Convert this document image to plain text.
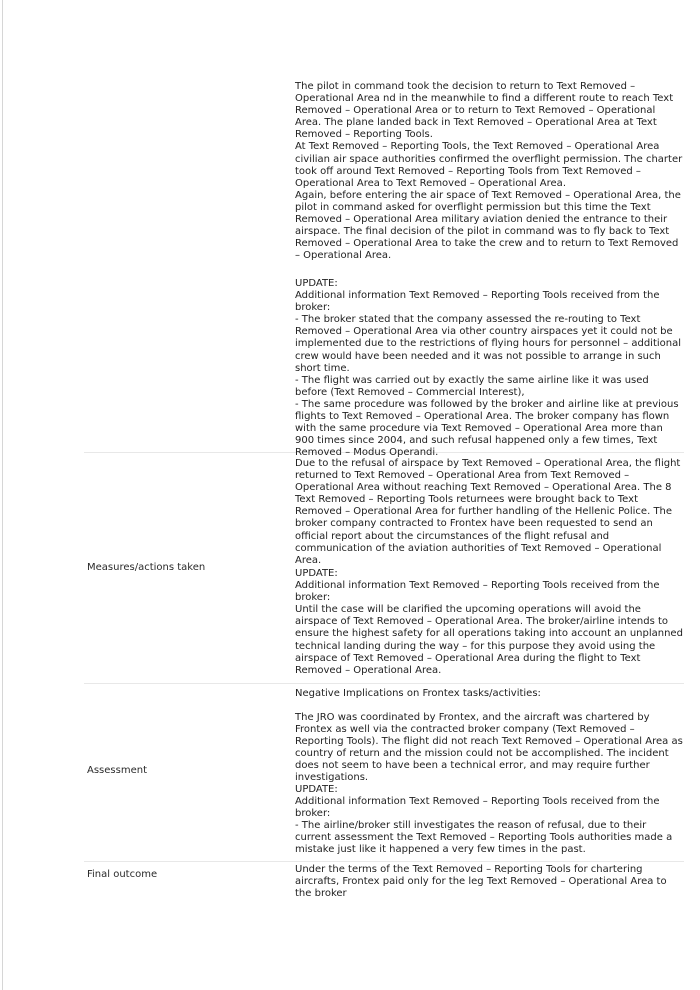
Measures/actions taken
Assessment
Final outcome

The pilot in command took the decision to return to Text Removed – Operational Area nd in the meanwhile to find a different route to reach Text Removed – Operational Area or to return to Text Removed – Operational Area. The plane landed back in Text Removed – Operational Area at Text Removed – Reporting Tools.

At Text Removed – Reporting Tools, the Text Removed – Operational Area civilian air space authorities confirmed the overflight permission. The charter took off around Text Removed – Reporting Tools from Text Removed – Operational Area to Text Removed – Operational Area.

Again, before entering the air space of Text Removed – Operational Area, the pilot in command asked for overflight permission but this time the Text Removed – Operational Area military aviation denied the entrance to their airspace. The final decision of the pilot in command was to fly back to Text Removed – Operational Area to take the crew and to return to Text Removed – Operational Area.

UPDATE:

Additional information Text Removed – Reporting Tools received from the broker:

- The broker stated that the company assessed the re-routing to Text Removed – Operational Area via other country airspaces yet it could not be implemented due to the restrictions of flying hours for personnel – additional crew would have been needed and it was not possible to arrange in such short time.

- The flight was carried out by exactly the same airline like it was used before (Text Removed – Commercial Interest),

- The same procedure was followed by the broker and airline like at previous flights to Text Removed – Operational Area. The broker company has flown with the same procedure via Text Removed – Operational Area more than 900 times since 2004, and such refusal happened only a few times, Text Removed – Modus Operandi.

Due to the refusal of airspace by Text Removed – Operational Area, the flight returned to Text Removed – Operational Area from Text Removed – Operational Area without reaching Text Removed – Operational Area. The 8 Text Removed – Reporting Tools returnees were brought back to Text Removed – Operational Area for further handling of the Hellenic Police. The broker company contracted to Frontex have been requested to send an official report about the circumstances of the flight refusal and communication of the aviation authorities of Text Removed – Operational Area.

UPDATE:

Additional information Text Removed – Reporting Tools received from the broker:

Until the case will be clarified the upcoming operations will avoid the airspace of Text Removed – Operational Area. The broker/airline intends to ensure the highest safety for all operations taking into account an unplanned technical landing during the way – for this purpose they avoid using the airspace of Text Removed – Operational Area during the flight to Text Removed – Operational Area.

Negative Implications on Frontex tasks/activities:

The JRO was coordinated by Frontex, and the aircraft was chartered by Frontex as well via the contracted broker company (Text Removed – Reporting Tools). The flight did not reach Text Removed – Operational Area as country of return and the mission could not be accomplished. The incident does not seem to have been a technical error, and may require further investigations.

UPDATE:

Additional information Text Removed – Reporting Tools received from the broker:

- The airline/broker still investigates the reason of refusal, due to their current assessment the Text Removed – Reporting Tools authorities made a mistake just like it happened a very few times in the past.

Under the terms of the Text Removed – Reporting Tools for chartering aircrafts, Frontex paid only for the leg Text Removed – Operational Area to the broker
